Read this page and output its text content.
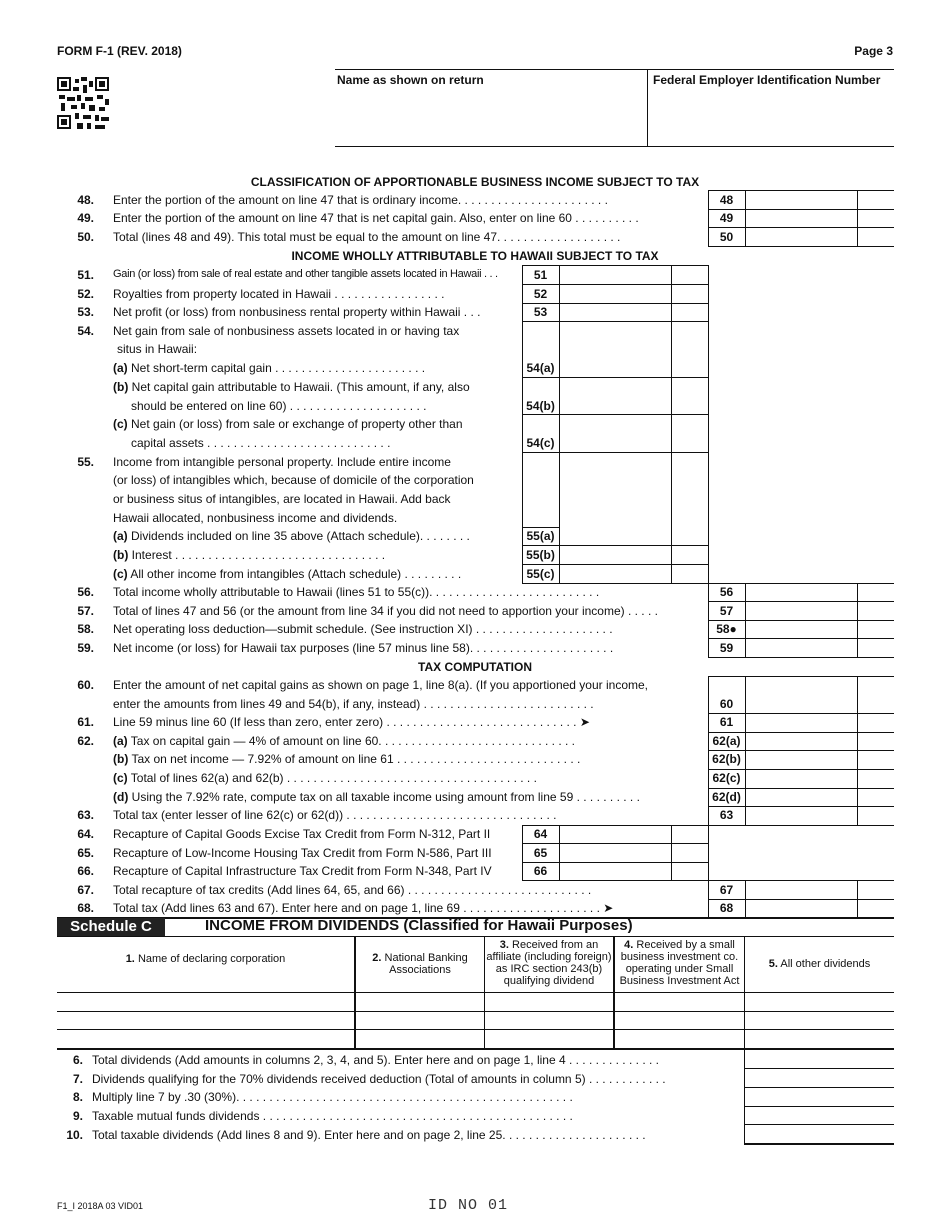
FORM F-1 (REV. 2018)	Page 3
Name as shown on return	Federal Employer Identification Number
CLASSIFICATION OF APPORTIONABLE BUSINESS INCOME SUBJECT TO TAX
48. Enter the portion of the amount on line 47 that is ordinary income. . . . . . . . . . . . . . . . . . . . . . .	48
49. Enter the portion of the amount on line 47 that is net capital gain. Also, enter on line 60 . . . . . . . . . .	49
50. Total (lines 48 and 49). This total must be equal to the amount on line 47. . . . . . . . . . . . . . . . . . .	50
INCOME WHOLLY ATTRIBUTABLE TO HAWAII SUBJECT TO TAX
51. Gain (or loss) from sale of real estate and other tangible assets located in Hawaii . . .	51
52. Royalties from property located in Hawaii . . . . . . . . . . . . . . . . .	52
53. Net profit (or loss) from nonbusiness rental property within Hawaii . . .	53
54. Net gain from sale of nonbusiness assets located in or having tax
situs in Hawaii:
(a) Net short-term capital gain . . . . . . . . . . . . . . . . . . . . . . .	54(a)
(b) Net capital gain attributable to Hawaii. (This amount, if any, also
should be entered on line 60) . . . . . . . . . . . . . . . . . . . . .	54(b)
(c) Net gain (or loss) from sale or exchange of property other than
capital assets . . . . . . . . . . . . . . . . . . . . . . . . . . . .	54(c)
55. Income from intangible personal property. Include entire income
(or loss) of intangibles which, because of domicile of the corporation
or business situs of intangibles, are located in Hawaii. Add back
Hawaii allocated, nonbusiness income and dividends.
(a) Dividends included on line 35 above (Attach schedule). . . . . . . .	55(a)
(b) Interest . . . . . . . . . . . . . . . . . . . . . . . . . . . . . . . .	55(b)
(c) All other income from intangibles (Attach schedule) . . . . . . . . .	55(c)
56. Total income wholly attributable to Hawaii (lines 51 to 55(c)). . . . . . . . . . . . . . . . . . . . . . . . . .	56
57. Total of lines 47 and 56 (or the amount from line 34 if you did not need to apportion your income) . . . . .	57
58. Net operating loss deduction—submit schedule. (See instruction XI) . . . . . . . . . . . . . . . . . . . . .	58●
59. Net income (or loss) for Hawaii tax purposes (line 57 minus line 58). . . . . . . . . . . . . . . . . . . . . .	59
TAX COMPUTATION
60. Enter the amount of net capital gains as shown on page 1, line 8(a). (If you apportioned your income,
enter the amounts from lines 49 and 54(b), if any, instead) . . . . . . . . . . . . . . . . . . . . . . . . . .	60
61. Line 59 minus line 60 (If less than zero, enter zero) . . . . . . . . . . . . . . . . . . . . . . . . . . . . . ➤	61
62. (a) Tax on capital gain — 4% of amount on line 60. . . . . . . . . . . . . . . . . . . . . . . . . . . . . .	62(a)
(b) Tax on net income — 7.92% of amount on line 61 . . . . . . . . . . . . . . . . . . . . . . . . . . . .	62(b)
(c) Total of lines 62(a) and 62(b) . . . . . . . . . . . . . . . . . . . . . . . . . . . . . . . . . . . . . .	62(c)
(d) Using the 7.92% rate, compute tax on all taxable income using amount from line 59 . . . . . . . . . .	62(d)
63. Total tax (enter lesser of line 62(c) or 62(d)) . . . . . . . . . . . . . . . . . . . . . . . . . . . . . . . .	63
64. Recapture of Capital Goods Excise Tax Credit from Form N-312, Part II	64
65. Recapture of Low-Income Housing Tax Credit from Form N-586, Part III	65
66. Recapture of Capital Infrastructure Tax Credit from Form N-348, Part IV	66
67. Total recapture of tax credits (Add lines 64, 65, and 66) . . . . . . . . . . . . . . . . . . . . . . . . . . . .	67
68. Total tax (Add lines 63 and 67). Enter here and on page 1, line 69 . . . . . . . . . . . . . . . . . . . . . ➤	68
Schedule C	INCOME FROM DIVIDENDS (Classified for Hawaii Purposes)
1. Name of declaring corporation	2. National Banking Associations
3. Received from an affiliate (including foreign) as IRC section 243(b) qualifying dividend
4. Received by a small business investment co. operating under Small Business Investment Act
5. All other dividends
6. Total dividends (Add amounts in columns 2, 3, 4, and 5). Enter here and on page 1, line 4 . . . . . . . . . . . . . .
7. Dividends qualifying for the 70% dividends received deduction (Total of amounts in column 5) . . . . . . . . . . . .
8. Multiply line 7 by .30 (30%). . . . . . . . . . . . . . . . . . . . . . . . . . . . . . . . . . . . . . . . . . . . . . . . . . .
9. Taxable mutual funds dividends . . . . . . . . . . . . . . . . . . . . . . . . . . . . . . . . . . . . . . . . . . . . . . .
10. Total taxable dividends (Add lines 8 and 9). Enter here and on page 2, line 25. . . . . . . . . . . . . . . . . . . . . .
F1_I 2018A 03 VID01	ID NO 01
